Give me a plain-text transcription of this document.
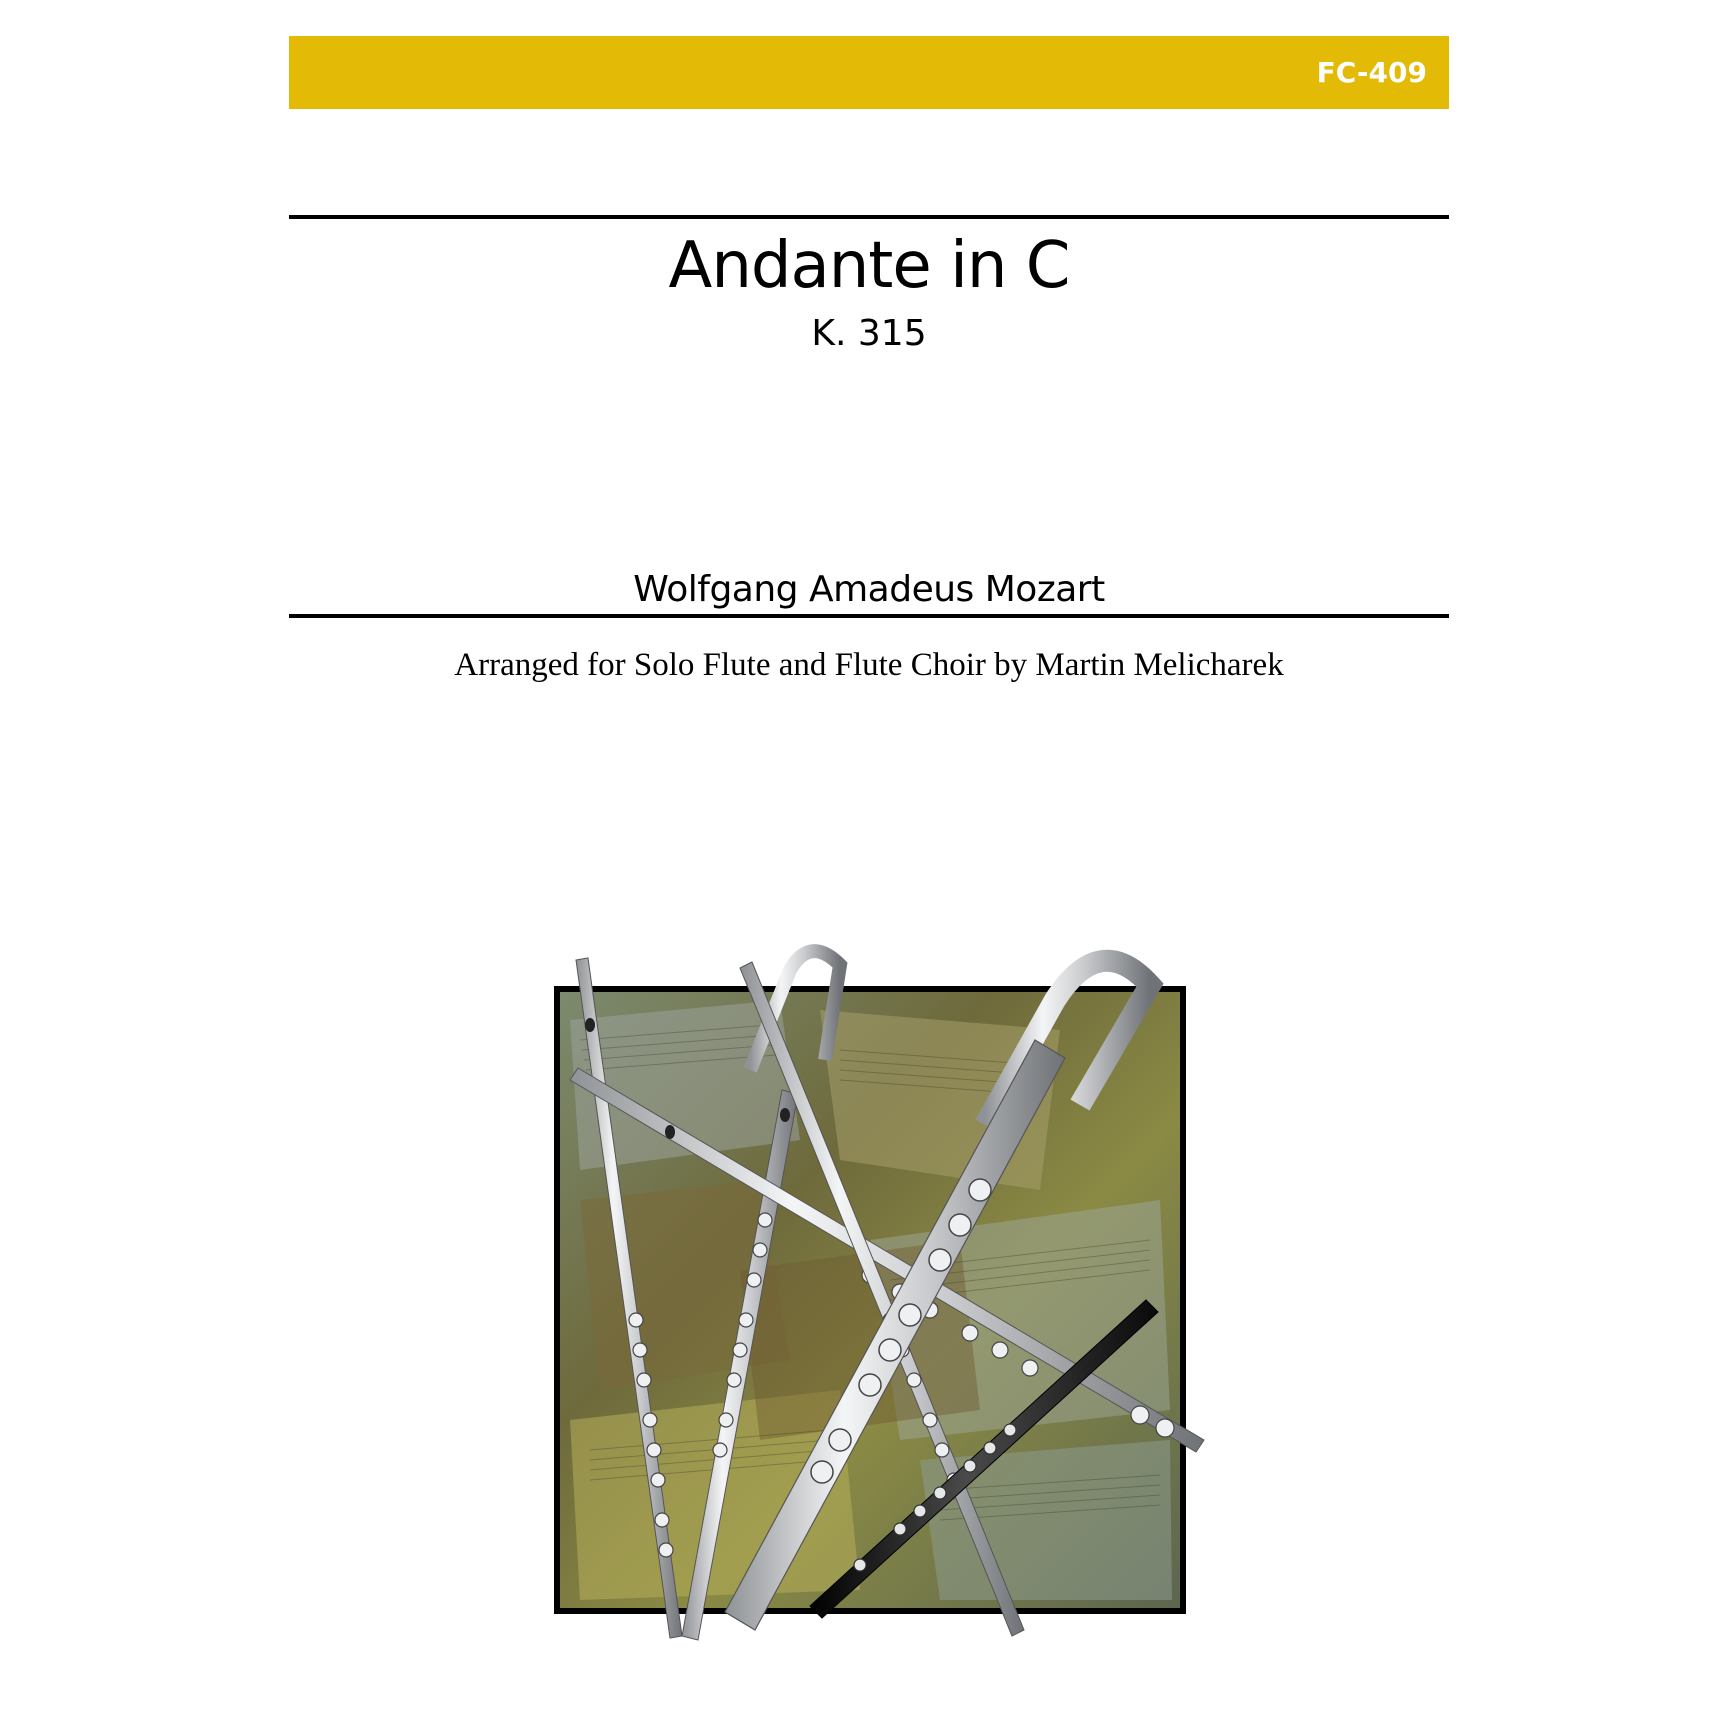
FC-409
Andante in C
K. 315
Wolfgang Amadeus Mozart
Arranged for Solo Flute and Flute Choir by Martin Melicharek
